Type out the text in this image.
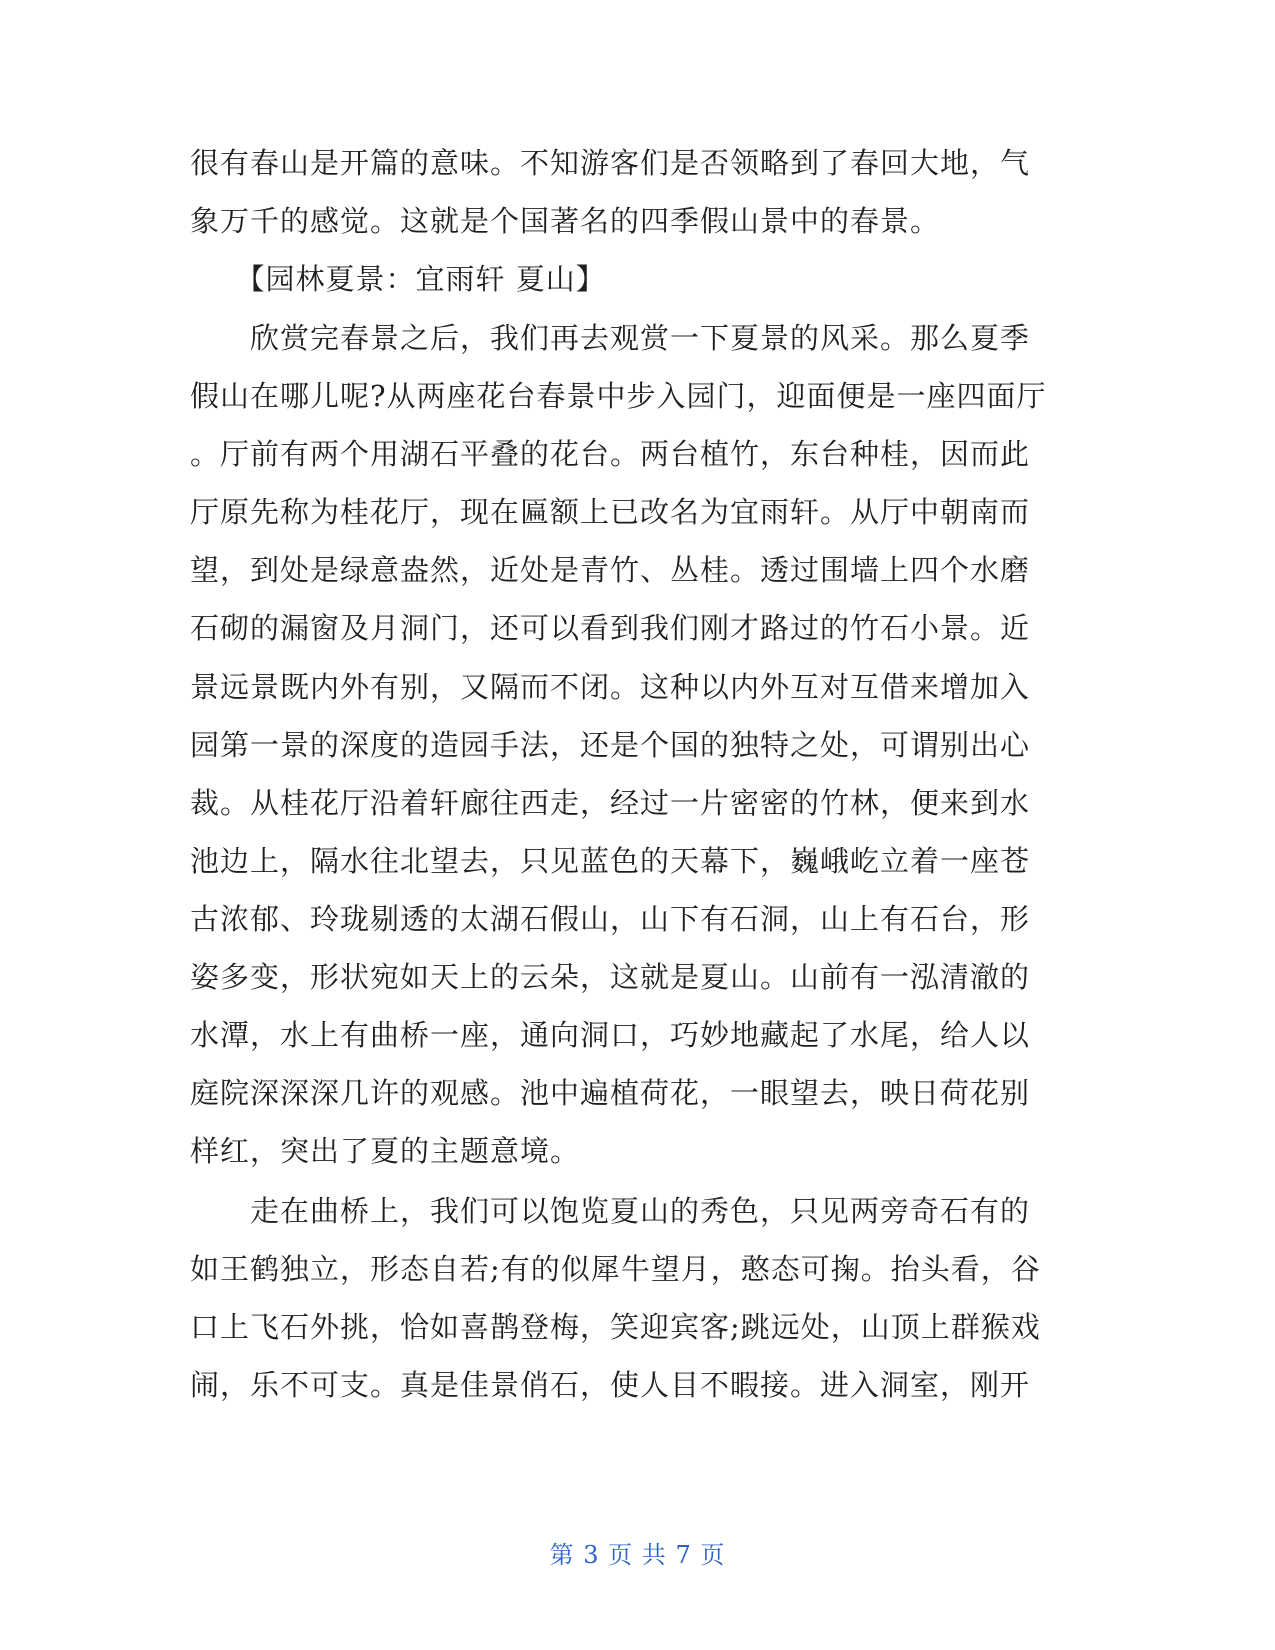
很有春山是开篇的意味。不知游客们是否领略到了春回大地，气
象万千的感觉。这就是个国著名的四季假山景中的春景。
　　【园林夏景：宜雨轩 夏山】
　　欣赏完春景之后，我们再去观赏一下夏景的风采。那么夏季
假山在哪儿呢?从两座花台春景中步入园门，迎面便是一座四面厅
。厅前有两个用湖石平叠的花台。两台植竹，东台种桂，因而此
厅原先称为桂花厅，现在匾额上已改名为宜雨轩。从厅中朝南而
望，到处是绿意盎然，近处是青竹、丛桂。透过围墙上四个水磨
石砌的漏窗及月洞门，还可以看到我们刚才路过的竹石小景。近
景远景既内外有别，又隔而不闭。这种以内外互对互借来增加入
园第一景的深度的造园手法，还是个国的独特之处，可谓别出心
裁。从桂花厅沿着轩廊往西走，经过一片密密的竹林，便来到水
池边上，隔水往北望去，只见蓝色的天幕下，巍峨屹立着一座苍
古浓郁、玲珑剔透的太湖石假山，山下有石洞，山上有石台，形
姿多变，形状宛如天上的云朵，这就是夏山。山前有一泓清澈的
水潭，水上有曲桥一座，通向洞口，巧妙地藏起了水尾，给人以
庭院深深深几许的观感。池中遍植荷花，一眼望去，映日荷花别
样红，突出了夏的主题意境。
　　走在曲桥上，我们可以饱览夏山的秀色，只见两旁奇石有的
如王鹤独立，形态自若;有的似犀牛望月，憨态可掬。抬头看，谷
口上飞石外挑，恰如喜鹊登梅，笑迎宾客;跳远处，山顶上群猴戏
闹，乐不可支。真是佳景俏石，使人目不暇接。进入洞室，刚开
第 3 页 共 7 页
